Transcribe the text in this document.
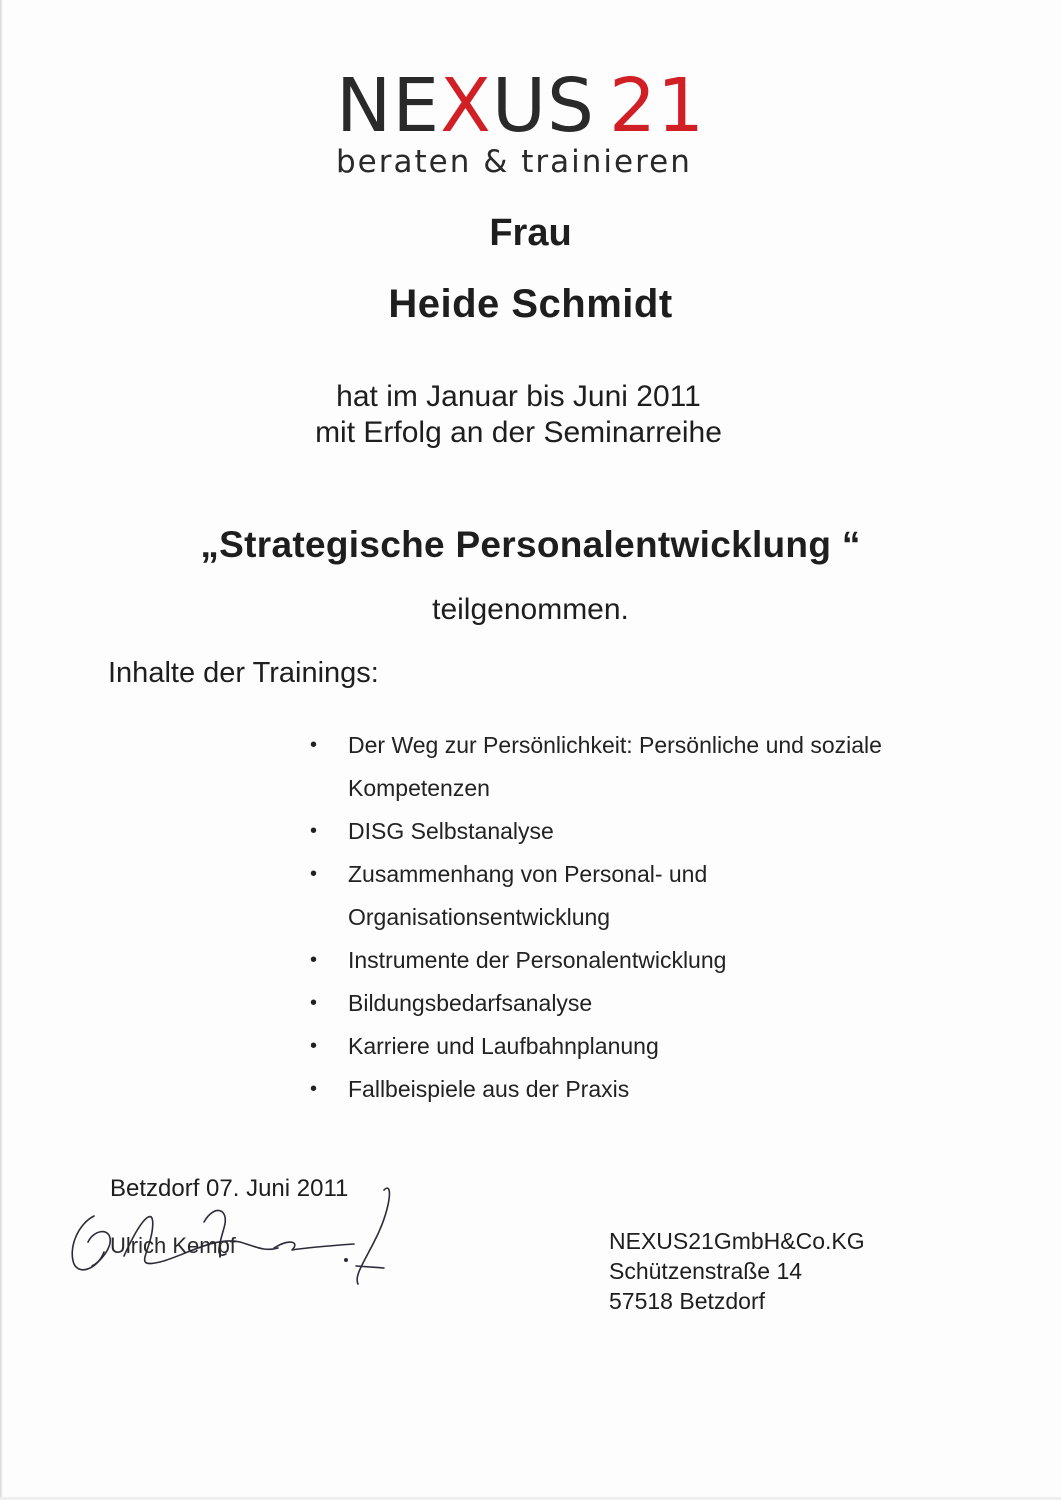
NEXUS 21
beraten & trainieren
Frau
Heide Schmidt
hat im Januar bis Juni 2011
mit Erfolg an der Seminarreihe
„Strategische Personalentwicklung “
teilgenommen.
Inhalte der Trainings:
• Der Weg zur Persönlichkeit: Persönliche und soziale
Kompetenzen
• DISG Selbstanalyse
• Zusammenhang von Personal- und
Organisationsentwicklung
• Instrumente der Personalentwicklung
• Bildungsbedarfsanalyse
• Karriere und Laufbahnplanung
• Fallbeispiele aus der Praxis
Betzdorf 07. Juni 2011
Ulrich Kempf	NEXUS21GmbH&Co.KG
Schützenstraße 14
57518 Betzdorf
